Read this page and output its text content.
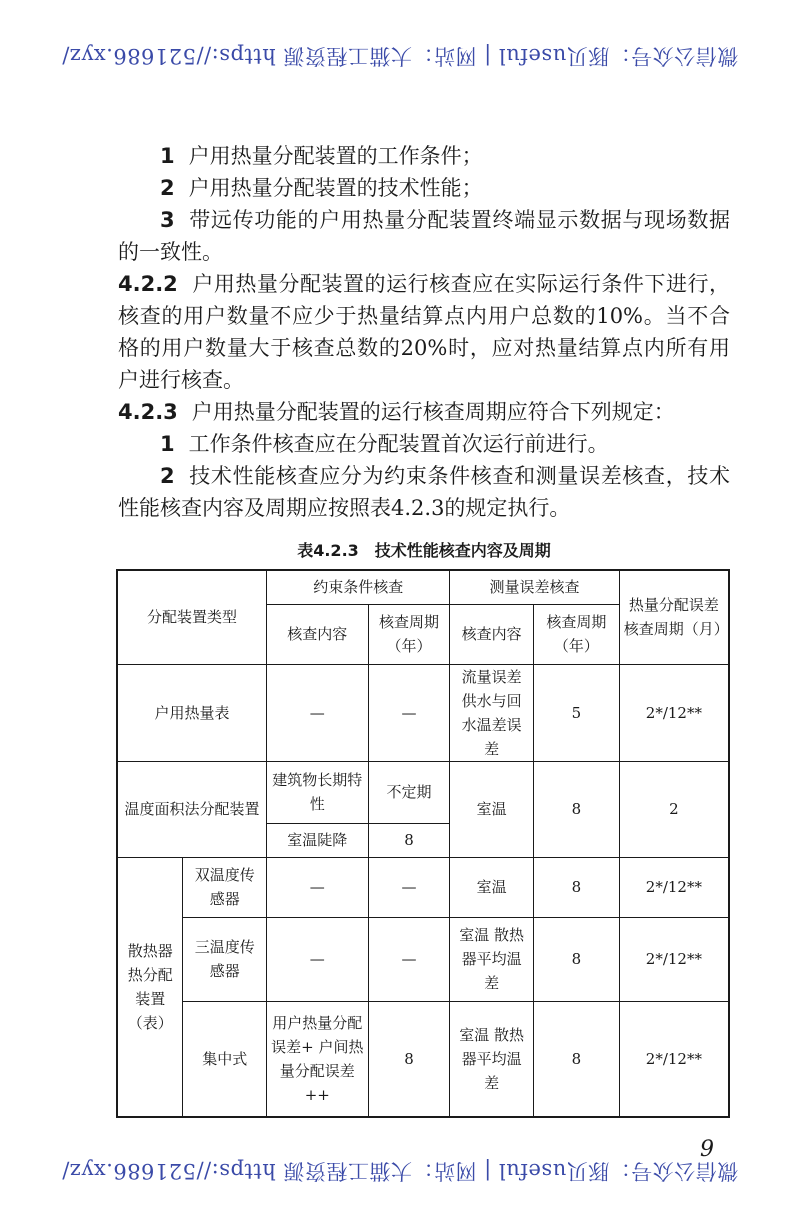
微信公众号：豚贝useful | 网站：大猫工程资源 https://521686.xyz/

1 户用热量分配装置的工作条件；

2 户用热量分配装置的技术性能；

3 带远传功能的户用热量分配装置终端显示数据与现场数据的一致性。

4.2.2 户用热量分配装置的运行核查应在实际运行条件下进行，核查的用户数量不应少于热量结算点内用户总数的10%。当不合格的用户数量大于核查总数的20%时，应对热量结算点内所有用户进行核查。

4.2.3 户用热量分配装置的运行核查周期应符合下列规定：

1 工作条件核查应在分配装置首次运行前进行。

2 技术性能核查应分为约束条件核查和测量误差核查，技术性能核查内容及周期应按照表4.2.3的规定执行。

表4.2.3　技术性能核查内容及周期
分配装置类型		约束条件核查		测量误差核查		热量分配误差核查周期（月）
		核查内容	核查周期（年）	核查内容	核查周期（年）	
户用热量表		—	—	流量误差 供水与回水温差误差	5	2*/12**
温度面积法分配装置		建筑物长期特性	不定期	室温	8	2
		室温陡降	8			
散热器热分配装置（表）	双温度传感器	—	—	室温	8	2*/12**
	三温度传感器	—	—	室温 散热器平均温差	8	2*/12**
	集中式	用户热量分配误差+ 户间热量分配误差++	8	室温 散热器平均温差	8	2*/12**
9
微信公众号：豚贝useful | 网站：大猫工程资源 https://521686.xyz/
